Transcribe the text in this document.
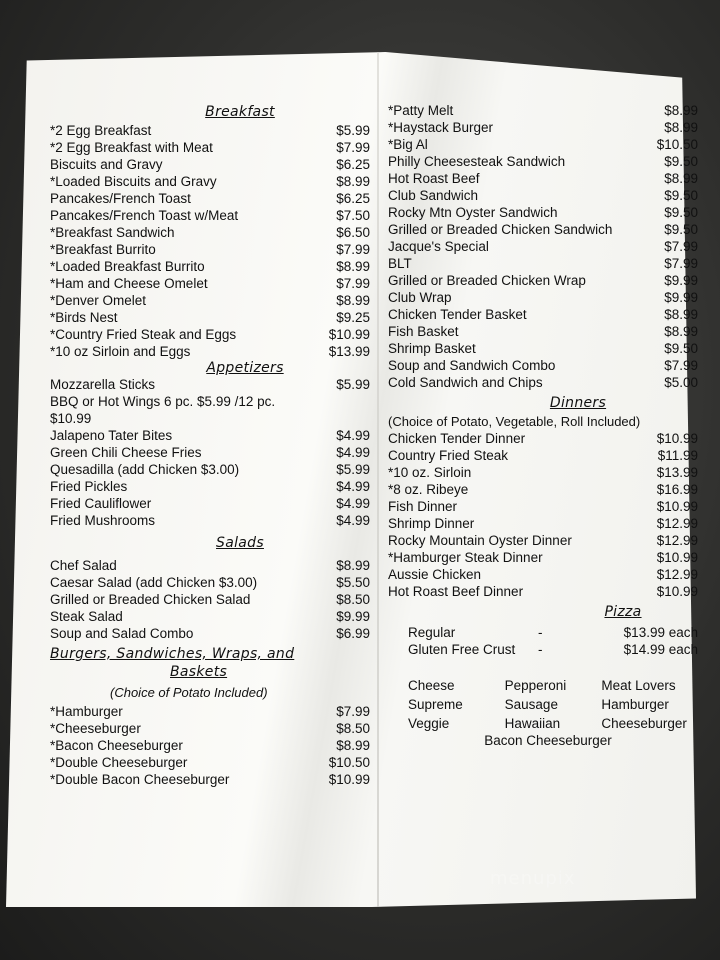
Breakfast

*2 Egg Breakfast	$5.99
*2 Egg Breakfast with Meat	$7.99
Biscuits and Gravy	$6.25
*Loaded Biscuits and Gravy	$8.99
Pancakes/French Toast	$6.25
Pancakes/French Toast w/Meat	$7.50
*Breakfast Sandwich	$6.50
*Breakfast Burrito	$7.99
*Loaded Breakfast Burrito	$8.99
*Ham and Cheese Omelet	$7.99
*Denver Omelet	$8.99
*Birds Nest	$9.25
*Country Fried Steak and Eggs	$10.99
*10 oz Sirloin and Eggs	$13.99

Appetizers

Mozzarella Sticks	$5.99
BBQ or Hot Wings 6 pc. $5.99 /12 pc.
$10.99
Jalapeno Tater Bites	$4.99
Green Chili Cheese Fries	$4.99
Quesadilla (add Chicken $3.00)	$5.99
Fried Pickles	$4.99
Fried Cauliflower	$4.99
Fried Mushrooms	$4.99

Salads

Chef Salad	$8.99
Caesar Salad (add Chicken $3.00)	$5.50
Grilled or Breaded Chicken Salad	$8.50
Steak Salad	$9.99
Soup and Salad Combo	$6.99

Burgers, Sandwiches, Wraps, and

Baskets

(Choice of Potato Included)
*Hamburger	$7.99
*Cheeseburger	$8.50
*Bacon Cheeseburger	$8.99
*Double Cheeseburger	$10.50
*Double Bacon Cheeseburger	$10.99
*Patty Melt	$8.99
*Haystack Burger	$8.99
*Big Al	$10.50
Philly Cheesesteak Sandwich	$9.50
Hot Roast Beef	$8.99
Club Sandwich	$9.50
Rocky Mtn Oyster Sandwich	$9.50
Grilled or Breaded Chicken Sandwich	$9.50
Jacque's Special	$7.99
BLT	$7.99
Grilled or Breaded Chicken Wrap	$9.99
Club Wrap	$9.99
Chicken Tender Basket	$8.99
Fish Basket	$8.99
Shrimp Basket	$9.50
Soup and Sandwich Combo	$7.99
Cold Sandwich and Chips	$5.00

Dinners

(Choice of Potato, Vegetable, Roll Included)
Chicken Tender Dinner	$10.99
Country Fried Steak	$11.99
*10 oz. Sirloin	$13.99
*8 oz. Ribeye	$16.99
Fish Dinner	$10.99
Shrimp Dinner	$12.99
Rocky Mountain Oyster Dinner	$12.99
*Hamburger Steak Dinner	$10.99
Aussie Chicken	$12.99
Hot Roast Beef Dinner	$10.99

Pizza

Regular	-	$13.99 each
Gluten Free Crust	-	$14.99 each
Cheese	Pepperoni	Meat Lovers
Supreme	Sausage	Hamburger
Veggie	Hawaiian	Cheeseburger
Bacon Cheeseburger
menupix
